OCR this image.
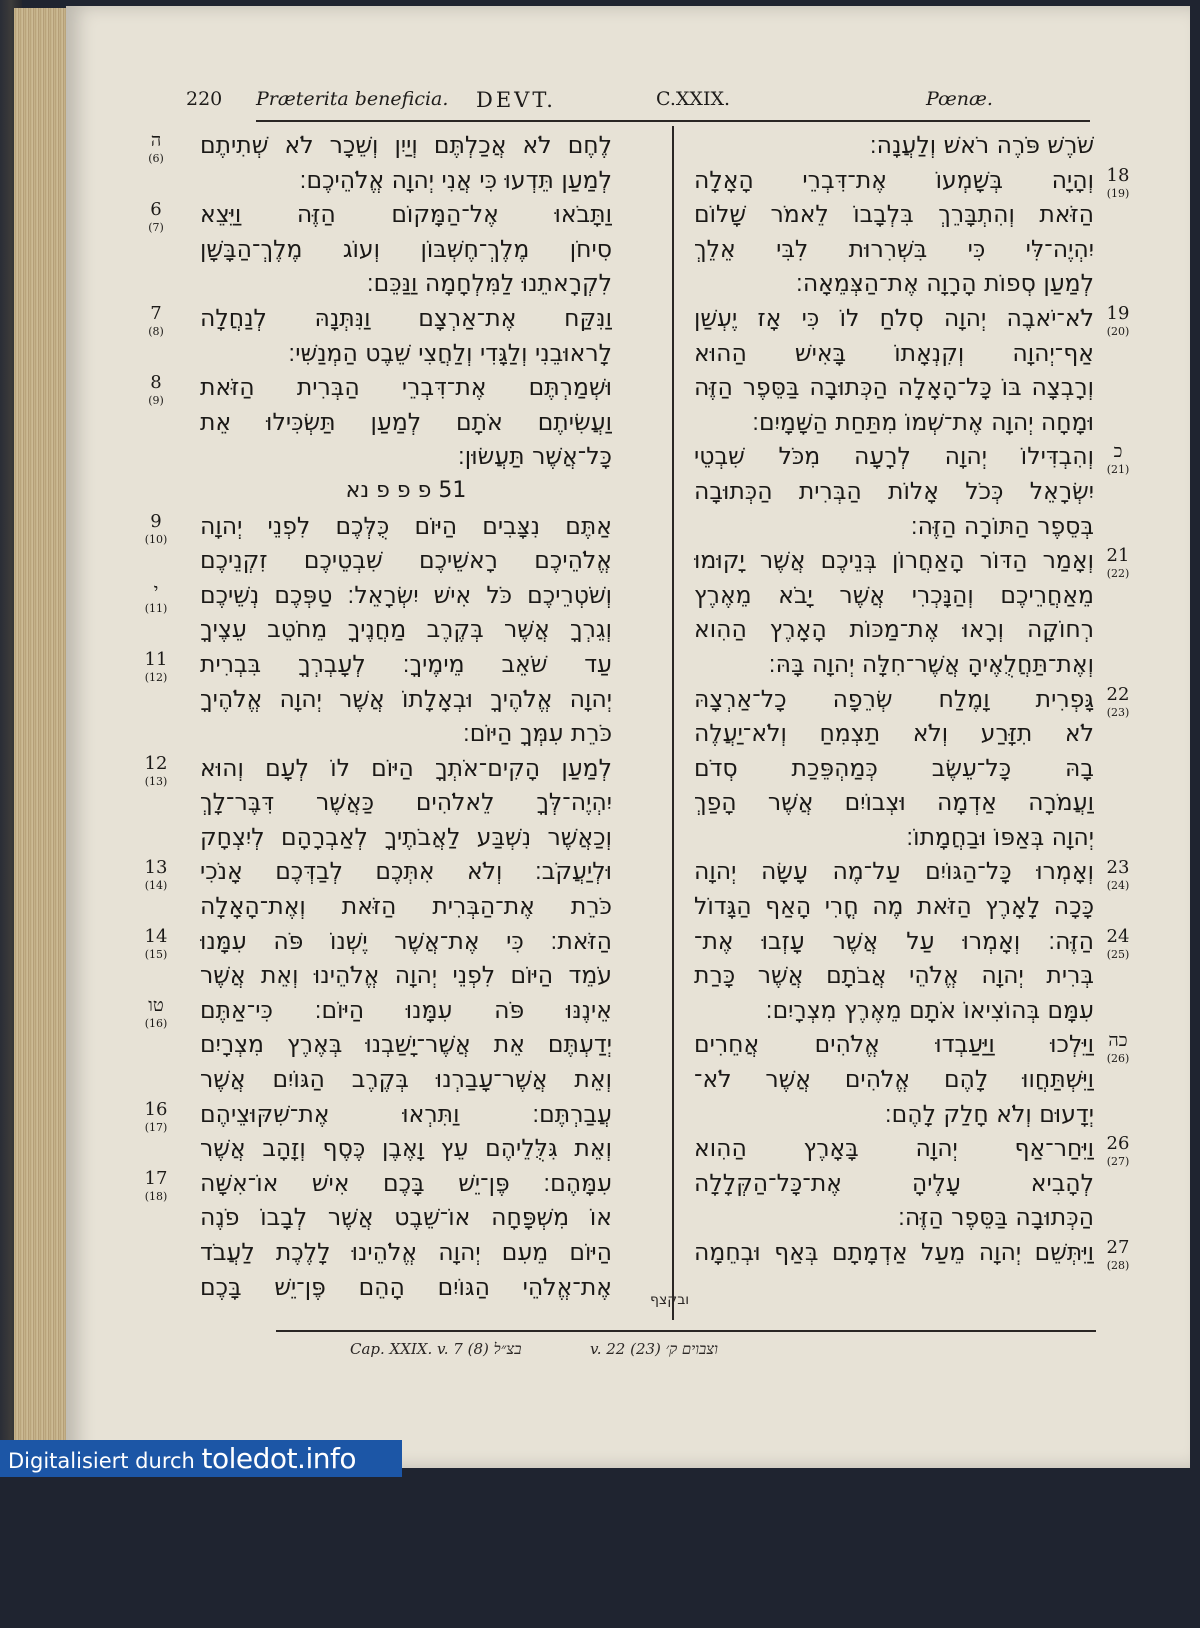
220 Præterita beneficia. DEVT.	C.XXIX.	Pœnæ.
לֶחֶם לֹא אֲכַלְתֶּם וְיַיִן וְשֵׁכָר לֹא שְׁתִיתֶם
לְמַעַן תֵּדְעוּ כִּי אֲנִי יְהוָה אֱלֹהֵיכֶם׃
וַתָּבֹאוּ אֶל־הַמָּקוֹם הַזֶּה וַיֵּצֵא
סִיחֹן מֶלֶךְ־חֶשְׁבּוֹן וְעוֹג מֶלֶךְ־הַבָּשָׁן
לִקְרָאתֵנוּ לַמִּלְחָמָה וַנַּכֵּם׃
וַנִּקַּח אֶת־אַרְצָם וַנִּתְּנָהּ לְנַחֲלָה
לָראוּבֵנִי וְלַגָּדִי וְלַחֲצִי שֵׁבֶט הַמְנַשִּׁי׃
וּשְׁמַרְתֶּם אֶת־דִּבְרֵי הַבְּרִית הַזֹּאת
וַעֲשִׂיתֶם אֹתָם לְמַעַן תַּשְׂכִּילוּ אֵת
כָּל־אֲשֶׁר תַּעֲשׂוּן׃
51 פ פ פ נא
אַתֶּם נִצָּבִים הַיּוֹם כֻּלְּכֶם לִפְנֵי יְהוָה
אֱלֹהֵיכֶם רָאשֵׁיכֶם שִׁבְטֵיכֶם זִקְנֵיכֶם
וְשֹׁטְרֵיכֶם כֹּל אִישׁ יִשְׂרָאֵל׃ טַפְּכֶם נְשֵׁיכֶם
וְגֵרְךָ אֲשֶׁר בְּקֶרֶב מַחֲנֶיךָ מֵחֹטֵב עֵצֶיךָ
עַד שֹׁאֵב מֵימֶיךָ׃ לְעָבְרְךָ בִּבְרִית
יְהוָה אֱלֹהֶיךָ וּבְאָלָתוֹ אֲשֶׁר יְהוָה אֱלֹהֶיךָ
כֹּרֵת עִמְּךָ הַיּוֹם׃
לְמַעַן הָקִים־אֹתְךָ הַיּוֹם לוֹ לְעָם וְהוּא
יִהְיֶה־לְּךָ לֵאלֹהִים כַּאֲשֶׁר דִּבֶּר־לָךְ
וְכַאֲשֶׁר נִשְׁבַּע לַאֲבֹתֶיךָ לְאַבְרָהָם לְיִצְחָק
וּלְיַעֲקֹב׃ וְלֹא אִתְּכֶם לְבַדְּכֶם אָנֹכִי
כֹּרֵת אֶת־הַבְּרִית הַזֹּאת וְאֶת־הָאָלָה
הַזֹּאת׃ כִּי אֶת־אֲשֶׁר יֶשְׁנוֹ פֹּה עִמָּנוּ
עֹמֵד הַיּוֹם לִפְנֵי יְהוָה אֱלֹהֵינוּ וְאֵת אֲשֶׁר
אֵינֶנּוּ פֹּה עִמָּנוּ הַיּוֹם׃ כִּי־אַתֶּם
יְדַעְתֶּם אֵת אֲשֶׁר־יָשַׁבְנוּ בְּאֶרֶץ מִצְרָיִם
וְאֵת אֲשֶׁר־עָבַרְנוּ בְּקֶרֶב הַגּוֹיִם אֲשֶׁר
עֲבַרְתֶּם׃ וַתִּרְאוּ אֶת־שִׁקּוּצֵיהֶם
וְאֵת גִּלֻּלֵיהֶם עֵץ וָאֶבֶן כֶּסֶף וְזָהָב אֲשֶׁר
עִמָּהֶם׃ פֶּן־יֵשׁ בָּכֶם אִישׁ אוֹ־אִשָּׁה
אוֹ מִשְׁפָּחָה אוֹ־שֵׁבֶט אֲשֶׁר לְבָבוֹ פֹנֶה
הַיּוֹם מֵעִם יְהוָה אֱלֹהֵינוּ לָלֶכֶת לַעֲבֹד
אֶת־אֱלֹהֵי הַגּוֹיִם הָהֵם פֶּן־יֵשׁ בָּכֶם
שֹׁרֶשׁ פֹּרֶה רֹאשׁ וְלַעֲנָה׃
וְהָיָה בְּשָׁמְעוֹ אֶת־דִּבְרֵי הָאָלָה
הַזֹּאת וְהִתְבָּרֵךְ בִּלְבָבוֹ לֵאמֹר שָׁלוֹם
יִהְיֶה־לִּי כִּי בִּשְׁרִרוּת לִבִּי אֵלֵךְ
לְמַעַן סְפוֹת הָרָוָה אֶת־הַצְּמֵאָה׃
לֹא־יֹאבֶה יְהוָה סְלֹחַ לוֹ כִּי אָז יֶעְשַׁן
אַף־יְהוָה וְקִנְאָתוֹ בָּאִישׁ הַהוּא
וְרָבְצָה בּוֹ כָּל־הָאָלָה הַכְּתוּבָה בַּסֵּפֶר הַזֶּה
וּמָחָה יְהוָה אֶת־שְׁמוֹ מִתַּחַת הַשָּׁמָיִם׃
וְהִבְדִּילוֹ יְהוָה לְרָעָה מִכֹּל שִׁבְטֵי
יִשְׂרָאֵל כְּכֹל אָלוֹת הַבְּרִית הַכְּתוּבָה
בְּסֵפֶר הַתּוֹרָה הַזֶּה׃
וְאָמַר הַדּוֹר הָאַחֲרוֹן בְּנֵיכֶם אֲשֶׁר יָקוּמוּ
מֵאַחֲרֵיכֶם וְהַנָּכְרִי אֲשֶׁר יָבֹא מֵאֶרֶץ
רְחוֹקָה וְרָאוּ אֶת־מַכּוֹת הָאָרֶץ הַהִוא
וְאֶת־תַּחֲלֻאֶיהָ אֲשֶׁר־חִלָּה יְהוָה בָּהּ׃
גָּפְרִית וָמֶלַח שְׂרֵפָה כָל־אַרְצָהּ
לֹא תִזָּרַע וְלֹא תַצְמִחַ וְלֹא־יַעֲלֶה
בָהּ כָּל־עֵשֶׂב כְּמַהְפֵּכַת סְדֹם
וַעֲמֹרָה אַדְמָה וּצְבוֹיִם אֲשֶׁר הָפַךְ
יְהוָה בְּאַפּוֹ וּבַחֲמָתוֹ׃
וְאָמְרוּ כָּל־הַגּוֹיִם עַל־מֶה עָשָׂה יְהוָה
כָּכָה לָאָרֶץ הַזֹּאת מֶה חֳרִי הָאַף הַגָּדוֹל
הַזֶּה׃ וְאָמְרוּ עַל אֲשֶׁר עָזְבוּ אֶת־
בְּרִית יְהוָה אֱלֹהֵי אֲבֹתָם אֲשֶׁר כָּרַת
עִמָּם בְּהוֹצִיאוֹ אֹתָם מֵאֶרֶץ מִצְרָיִם׃
וַיֵּלְכוּ וַיַּעַבְדוּ אֱלֹהִים אֲחֵרִים
וַיִּשְׁתַּחֲווּ לָהֶם אֱלֹהִים אֲשֶׁר לֹא־
יְדָעוּם וְלֹא חָלַק לָהֶם׃
וַיִּחַר־אַף יְהוָה בָּאָרֶץ הַהִוא
לְהָבִיא עָלֶיהָ אֶת־כָּל־הַקְּלָלָה
הַכְּתוּבָה בַּסֵּפֶר הַזֶּה׃
וַיִּתְּשֵׁם יְהוָה מֵעַל אַדְמָתָם בְּאַף וּבְחֵמָה
ה
(6)
6
(7)
7
(8)
8
(9)
9
(10)
י
(11)
11
(12)
12
(13)
13
(14)
14
(15)
טו
(16)
16
(17)
17
(18)
18
(19)
19
(20)
כ
(21)
21
(22)
22
(23)
23
(24)
24
(25)
כה
(26)
26
(27)
27
(28)
ובקצף
Cap. XXIX. v. 7 (8) בצ״ל	v. 22 (23) וצבוים ק׳
Digitalisiert durch toledot.info
